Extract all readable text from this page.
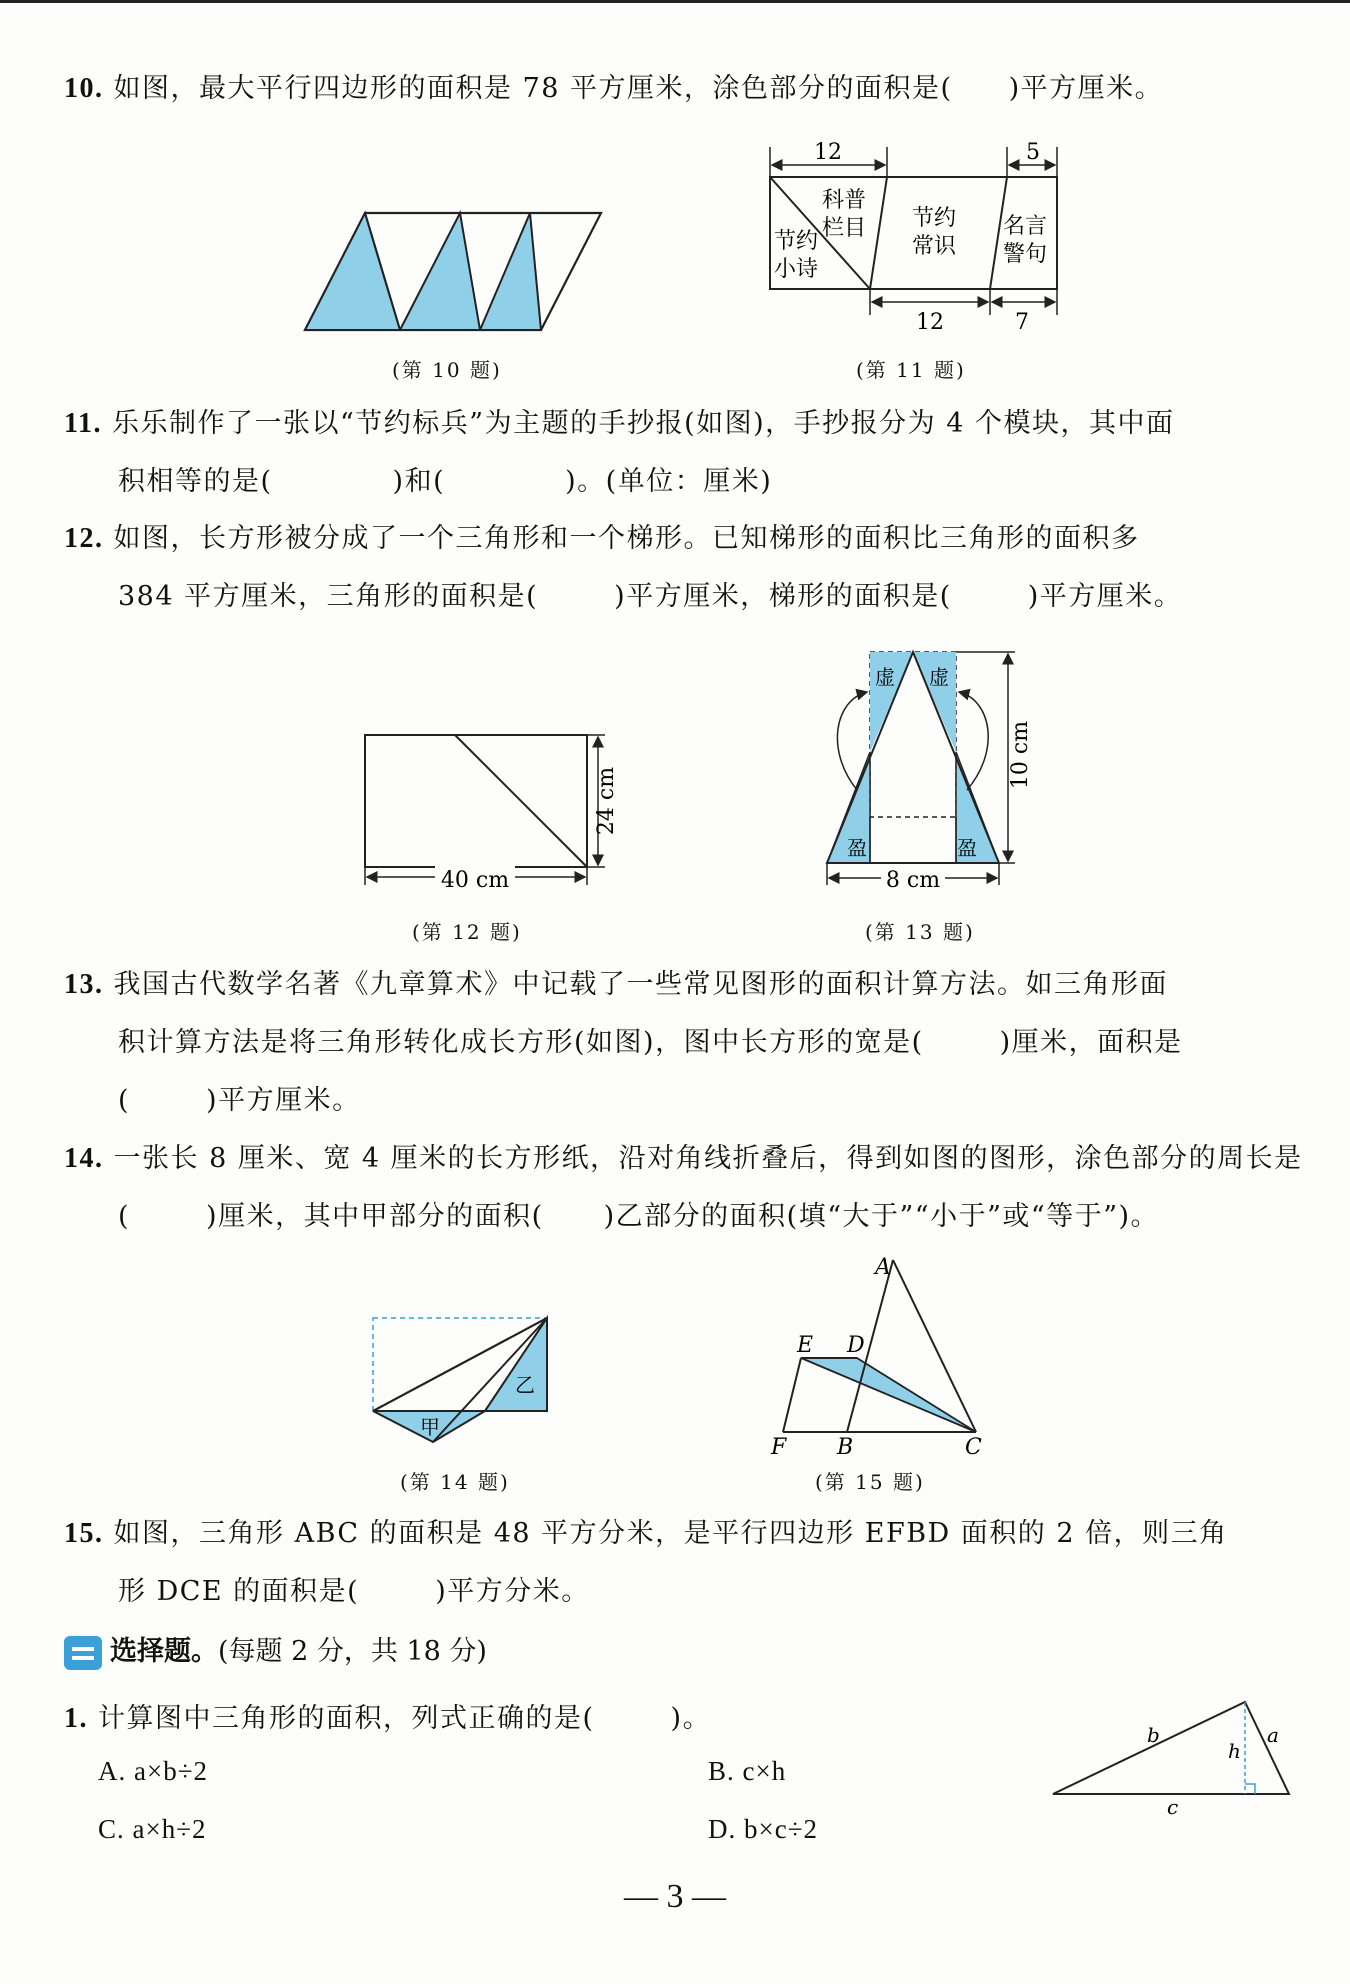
10. 如图，最大平行四边形的面积是 78 平方厘米，涂色部分的面积是( )平方厘米。
(第 10 题)
12	5
节约
小诗
科普
栏目 节约
常识
名言
警句
12	7
(第 11 题)
11. 乐乐制作了一张以“节约标兵”为主题的手抄报(如图)，手抄报分为 4 个模块，其中面
积相等的是(	)和(	)。(单位：厘米)
12. 如图，长方形被分成了一个三角形和一个梯形。已知梯形的面积比三角形的面积多
384 平方厘米，三角形的面积是(	)平方厘米，梯形的面积是(	)平方厘米。
24 cm
40 cm
(第 12 题)
虚 虚
盈	盈
10 cm
8 cm
(第 13 题)
13. 我国古代数学名著《九章算术》中记载了一些常见图形的面积计算方法。如三角形面
积计算方法是将三角形转化成长方形(如图)，图中长方形的宽是(	)厘米，面积是
(	)平方厘米。
14. 一张长 8 厘米、宽 4 厘米的长方形纸，沿对角线折叠后，得到如图的图形，涂色部分的周长是
(	)厘米，其中甲部分的面积( )乙部分的面积(填“大于”“小于”或“等于”)。
甲
乙
(第 14 题)
A
E D
F B	C
(第 15 题)
15. 如图，三角形 ABC 的面积是 48 平方分米，是平行四边形 EFBD 面积的 2 倍，则三角
形 DCE 的面积是(	)平方分米。
选择题。(每题 2 分，共 18 分)
1. 计算图中三角形的面积，列式正确的是(	)。
A. a×b÷2	B. c×h
C. a×h÷2	D. b×c÷2
b	a
h
c
— 3 —
